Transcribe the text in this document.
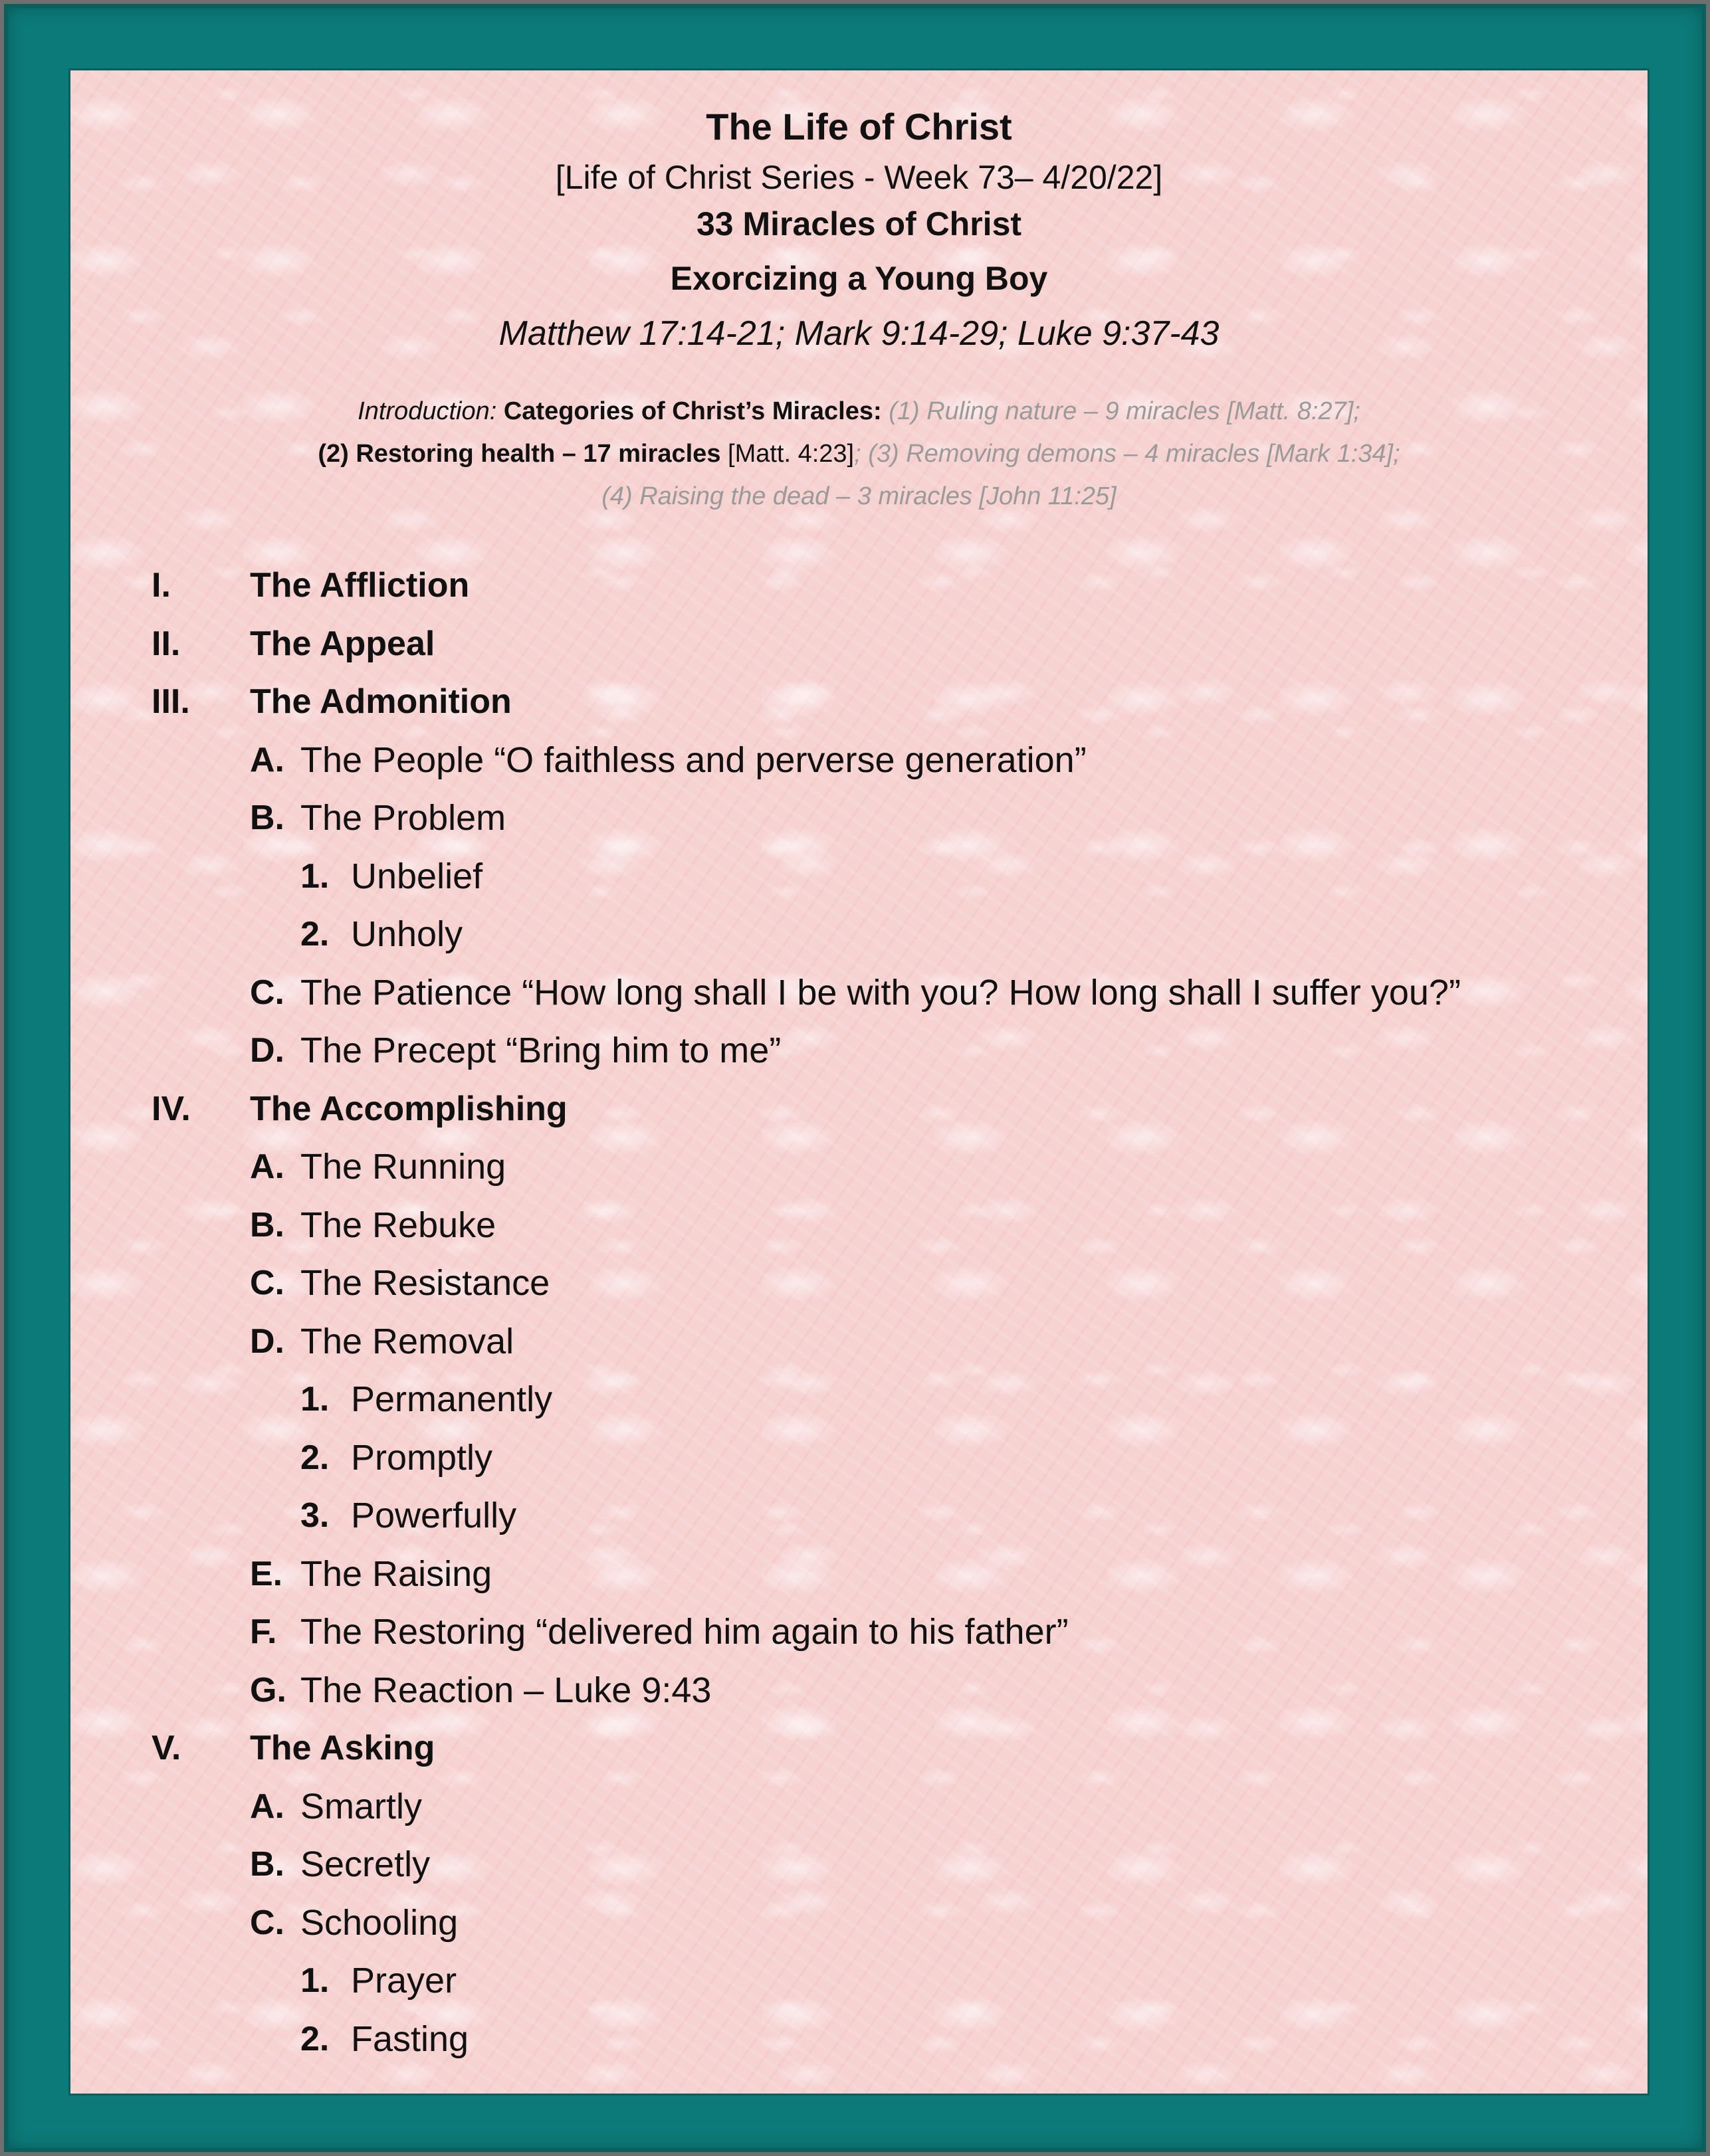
The Life of Christ
[Life of Christ Series - Week 73– 4/20/22]
33 Miracles of Christ
Exorcizing a Young Boy
Matthew 17:14-21; Mark 9:14-29; Luke 9:37-43
Introduction: Categories of Christ’s Miracles: (1) Ruling nature – 9 miracles [Matt. 8:27];
(2) Restoring health – 17 miracles [Matt. 4:23]; (3) Removing demons – 4 miracles [Mark 1:34];
(4) Raising the dead – 3 miracles [John 11:25]
I.	The Affliction
II.	The Appeal
III.	The Admonition
A. The People “O faithless and perverse generation”
B. The Problem
1. Unbelief
2. Unholy
C. The Patience “How long shall I be with you? How long shall I suffer you?”
D. The Precept “Bring him to me”
IV.	The Accomplishing
A. The Running
B. The Rebuke
C. The Resistance
D. The Removal
1. Permanently
2. Promptly
3. Powerfully
E. The Raising
F. The Restoring “delivered him again to his father”
G. The Reaction – Luke 9:43
V.	The Asking
A. Smartly
B. Secretly
C. Schooling
1. Prayer
2. Fasting
